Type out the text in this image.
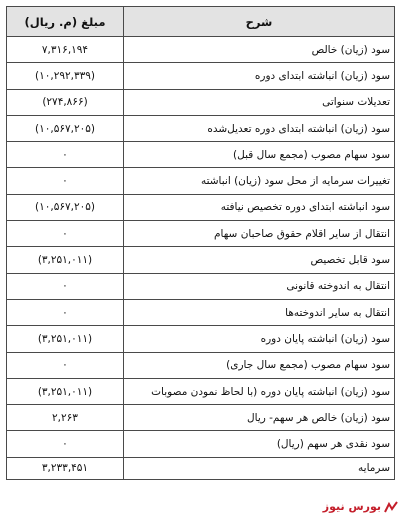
شرح	مبلغ (م. ریال)
سود (زیان) خالص	۷,۳۱۶,۱۹۴
سود (زیان) انباشته ابتدای دوره	(۱۰,۲۹۲,۳۳۹)
تعدیلات سنواتی	(۲۷۴,۸۶۶)
سود (زیان) انباشته ابتدای دوره تعدیل‌شده	(۱۰,۵۶۷,۲۰۵)
سود سهام مصوب (مجمع سال قبل)	۰
تغییرات سرمایه از محل سود (زیان) انباشته	۰
سود انباشته ابتدای دوره تخصیص نیافته	(۱۰,۵۶۷,۲۰۵)
انتقال از سایر اقلام حقوق صاحبان سهام	۰
سود قابل تخصیص	(۳,۲۵۱,۰۱۱)
انتقال به اندوخته قانونی	۰
انتقال به سایر اندوخته‌ها	۰
سود (زیان) انباشته پایان دوره	(۳,۲۵۱,۰۱۱)
سود سهام مصوب (مجمع سال جاری)	۰
سود (زیان) انباشته پایان دوره (با لحاظ نمودن مصوبات	(۳,۲۵۱,۰۱۱)
سود (زیان) خالص هر سهم- ریال	۲,۲۶۳
سود نقدی هر سهم (ریال)	۰
سرمایه	۳,۲۳۳,۴۵۱
بورس نیوز
